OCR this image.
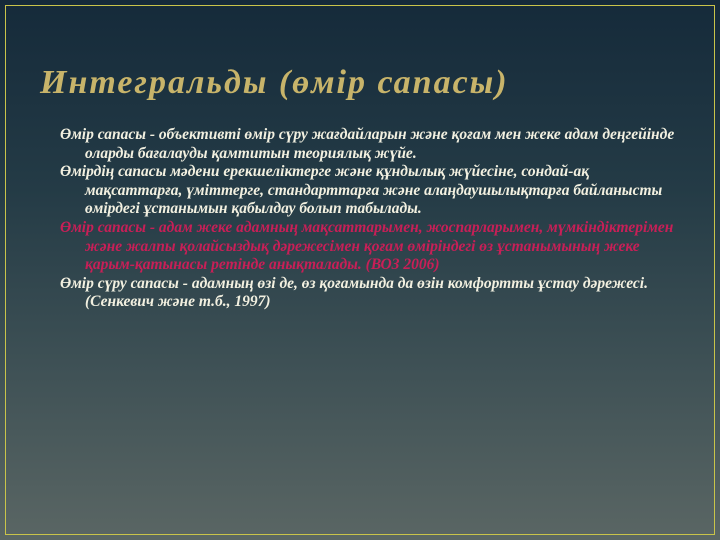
Интегральды (өмір сапасы)

Өмір сапасы - объективті өмір сүру жағдайларын және қоғам мен жеке адам деңгейінде оларды бағалауды қамтитын теориялық жүйе.

Өмірдің сапасы мәдени ерекшеліктерге және құндылық жүйесіне, сондай-ақ мақсаттарға, үміттерге, стандарттарға және алаңдаушылықтарға байланысты өмірдегі ұстанымын қабылдау болып табылады.

Өмір сапасы - адам жеке адамның мақсаттарымен, жоспарларымен, мүмкіндіктерімен және жалпы қолайсыздық дәрежесімен қоғам өміріндегі өз ұстанымының жеке қарым-қатынасы ретінде анықталады. (ВОЗ 2006)

Өмір сүру сапасы - адамның өзі де, өз қоғамында да өзін комфортты ұстау дәрежесі. (Сенкевич және т.б., 1997)
